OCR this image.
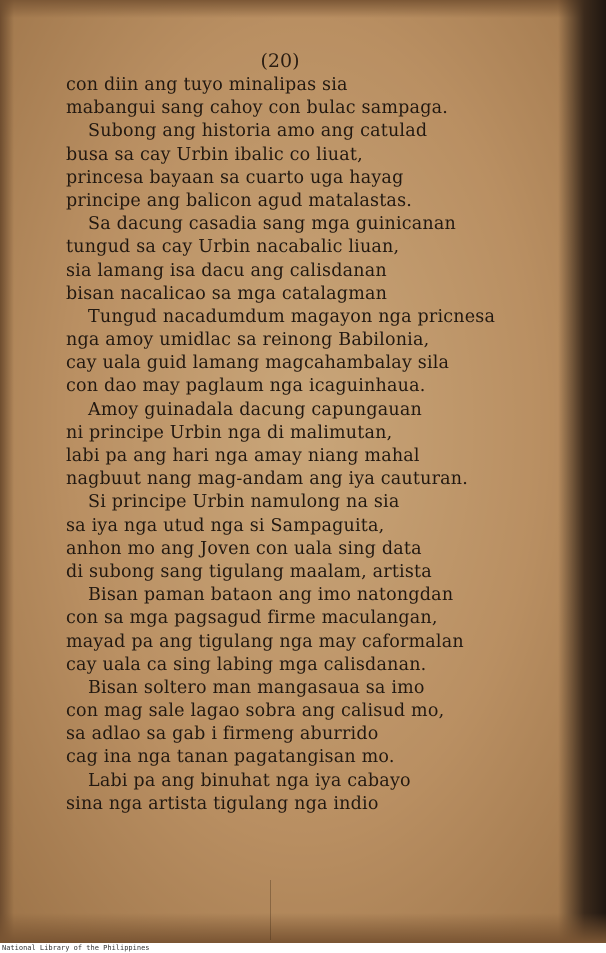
(20)
con diin ang tuyo minalipas sia
mabangui sang cahoy con bulac sampaga.
Subong ang historia amo ang catulad
busa sa cay Urbin ibalic co liuat,
princesa bayaan sa cuarto uga hayag
principe ang balicon agud matalastas.
Sa dacung casadia sang mga guinicanan
tungud sa cay Urbin nacabalic liuan,
sia lamang isa dacu ang calisdanan
bisan nacalicao sa mga catalagman
Tungud nacadumdum magayon nga pricnesa
nga amoy umidlac sa reinong Babilonia,
cay uala guid lamang magcahambalay sila
con dao may paglaum nga icaguinhaua.
Amoy guinadala dacung capungauan
ni principe Urbin nga di malimutan,
labi pa ang hari nga amay niang mahal
nagbuut nang mag-andam ang iya cauturan.
Si principe Urbin namulong na sia
sa iya nga utud nga si Sampaguita,
anhon mo ang Joven con uala sing data
di subong sang tigulang maalam, artista
Bisan paman bataon ang imo natongdan
con sa mga pagsagud firme maculangan,
mayad pa ang tigulang nga may caformalan
cay uala ca sing labing mga calisdanan.
Bisan soltero man mangasaua sa imo
con mag sale lagao sobra ang calisud mo,
sa adlao sa gab i firmeng aburrido
cag ina nga tanan pagatangisan mo.
Labi pa ang binuhat nga iya cabayo
sina nga artista tigulang nga indio
National Library of the Philippines
